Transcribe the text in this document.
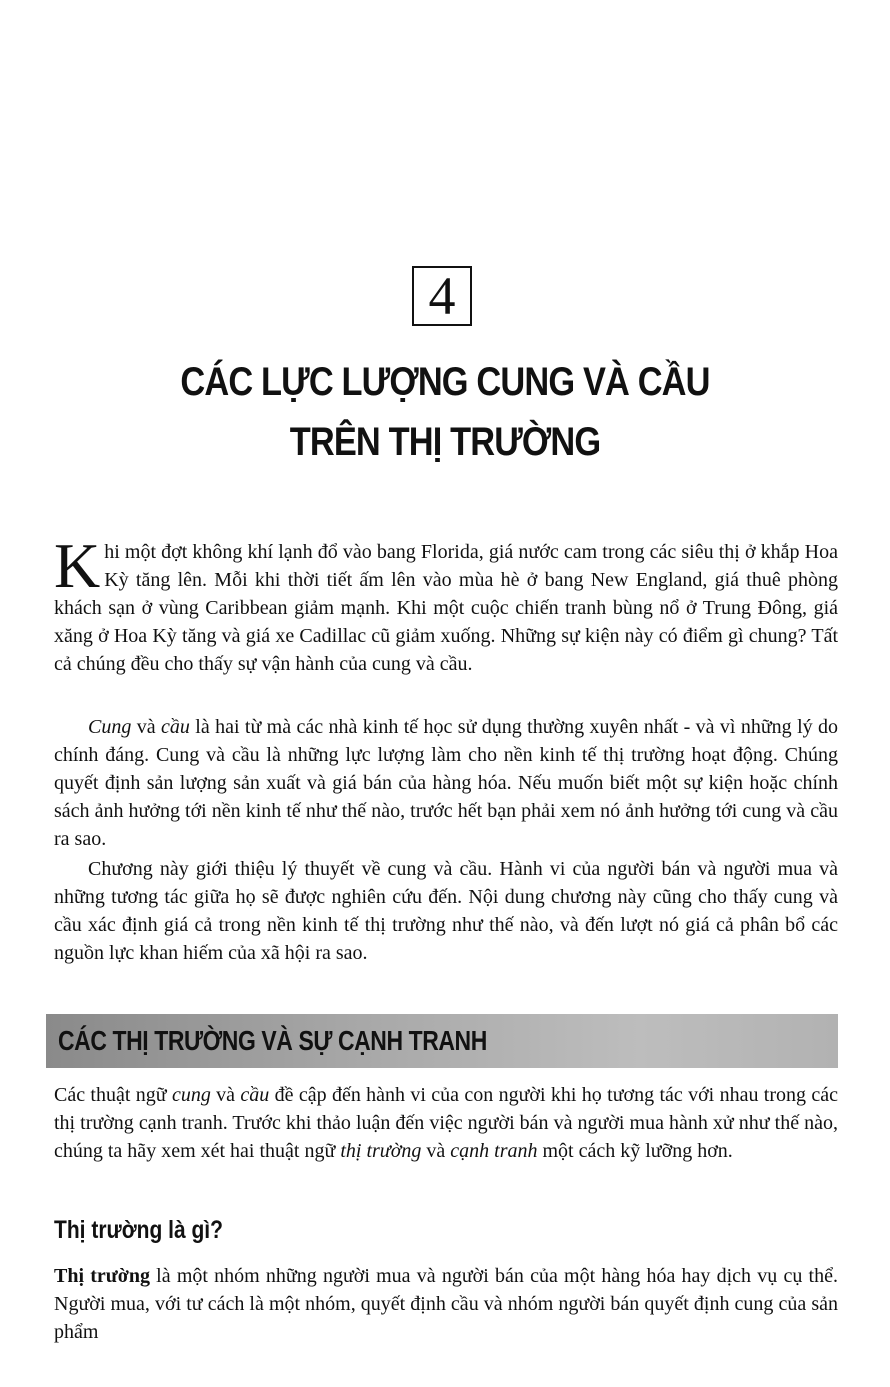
4
CÁC LỰC LƯỢNG CUNG VÀ CẦU
TRÊN THỊ TRƯỜNG

Khi một đợt không khí lạnh đổ vào bang Florida, giá nước cam trong các siêu thị ở khắp Hoa Kỳ tăng lên. Mỗi khi thời tiết ấm lên vào mùa hè ở bang New England, giá thuê phòng khách sạn ở vùng Caribbean giảm mạnh. Khi một cuộc chiến tranh bùng nổ ở Trung Đông, giá xăng ở Hoa Kỳ tăng và giá xe Cadillac cũ giảm xuống. Những sự kiện này có điểm gì chung? Tất cả chúng đều cho thấy sự vận hành của cung và cầu.

Cung và cầu là hai từ mà các nhà kinh tế học sử dụng thường xuyên nhất - và vì những lý do chính đáng. Cung và cầu là những lực lượng làm cho nền kinh tế thị trường hoạt động. Chúng quyết định sản lượng sản xuất và giá bán của hàng hóa. Nếu muốn biết một sự kiện hoặc chính sách ảnh hưởng tới nền kinh tế như thế nào, trước hết bạn phải xem nó ảnh hưởng tới cung và cầu ra sao.

Chương này giới thiệu lý thuyết về cung và cầu. Hành vi của người bán và người mua và những tương tác giữa họ sẽ được nghiên cứu đến. Nội dung chương này cũng cho thấy cung và cầu xác định giá cả trong nền kinh tế thị trường như thế nào, và đến lượt nó giá cả phân bổ các nguồn lực khan hiếm của xã hội ra sao.

CÁC THỊ TRƯỜNG VÀ SỰ CẠNH TRANH

Các thuật ngữ cung và cầu đề cập đến hành vi của con người khi họ tương tác với nhau trong các thị trường cạnh tranh. Trước khi thảo luận đến việc người bán và người mua hành xử như thế nào, chúng ta hãy xem xét hai thuật ngữ thị trường và cạnh tranh một cách kỹ lưỡng hơn.

Thị trường là gì?

Thị trường là một nhóm những người mua và người bán của một hàng hóa hay dịch vụ cụ thể. Người mua, với tư cách là một nhóm, quyết định cầu và nhóm người bán quyết định cung của sản phẩm
